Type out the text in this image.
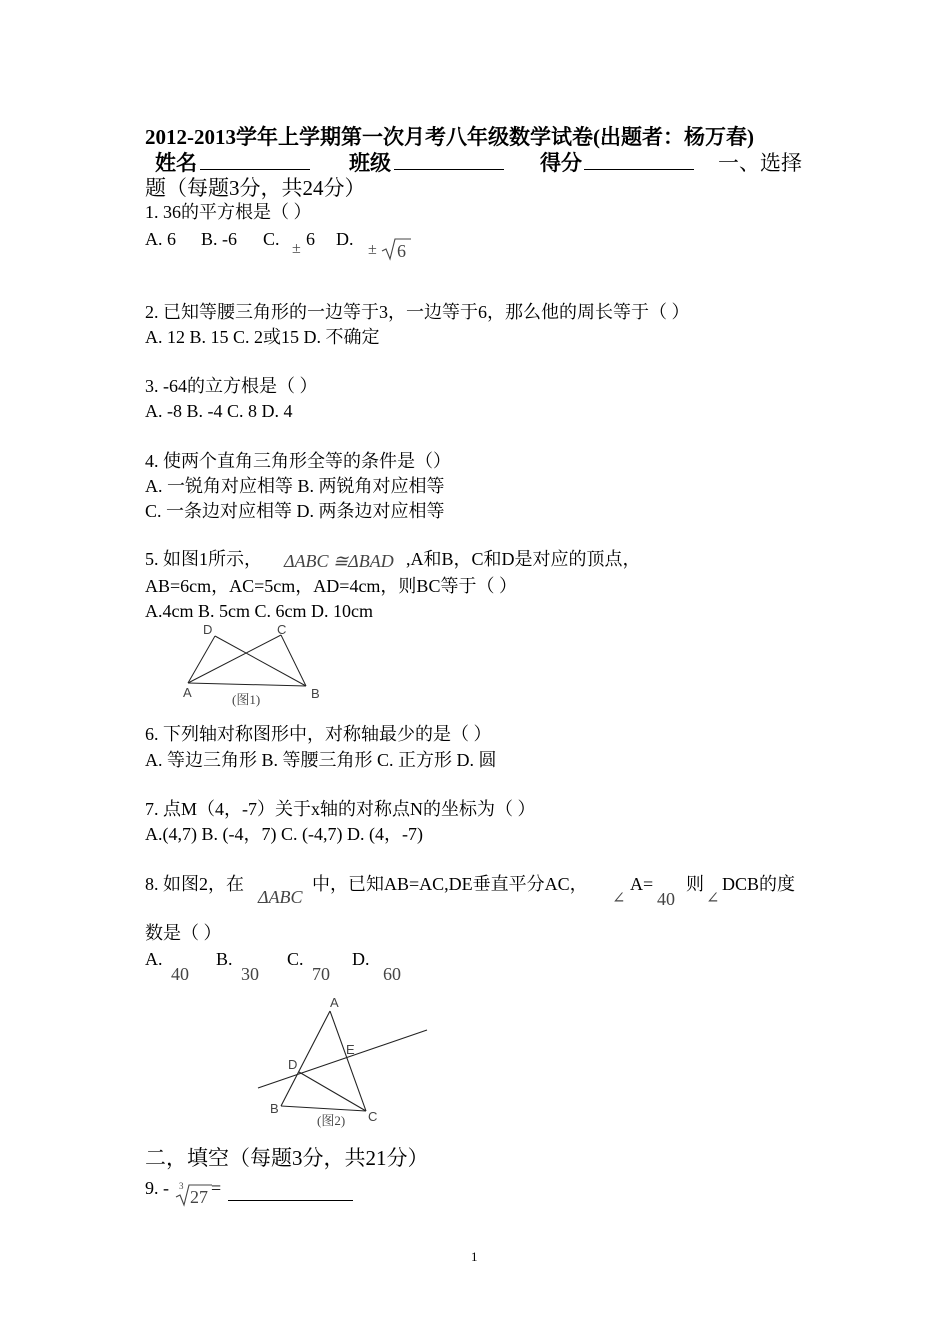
2012-2013学年上学期第一次月考八年级数学试卷(出题者：杨万春)
姓名	班级	得分	一、选择
题（每题3分，共24分）
1. 36的平方根是（ ）
A. 6 B. -6 C. ± 6 D.
± 6
2. 已知等腰三角形的一边等于3，一边等于6，那么他的周长等于（ ）
A. 12 B. 15 C. 2或15 D. 不确定
3. -64的立方根是（ ）
A. -8 B. -4 C. 8 D. 4
4. 使两个直角三角形全等的条件是（）
A. 一锐角对应相等 B. 两锐角对应相等
C. 一条边对应相等 D. 两条边对应相等
5. 如图1所示， ΔABC ≅ΔBAD ,A和B，C和D是对应的顶点，
AB=6cm，AC=5cm，AD=4cm，则BC等于（ ）
A.4cm B. 5cm C. 6cm D. 10cm
D	C
A	B
(图1)
6. 下列轴对称图形中，对称轴最少的是（ ）
A. 等边三角形 B. 等腰三角形 C. 正方形 D. 圆
7. 点M（4，-7）关于x轴的对称点N的坐标为（ ）
A.(4,7) B. (-4，7) C. (-4,7) D. (4，-7)
8. 如图2，在
ΔABC
中，已知AB=AC,DE垂直平分AC，
∠
A=
40
则
∠
DCB的度
数是（ ）
A.
40
B.
30
C.
70
D.
60
A
E
D
B
C
(图2)
二，填空（每题3分，共21分）
9. - 3
27 =
1
